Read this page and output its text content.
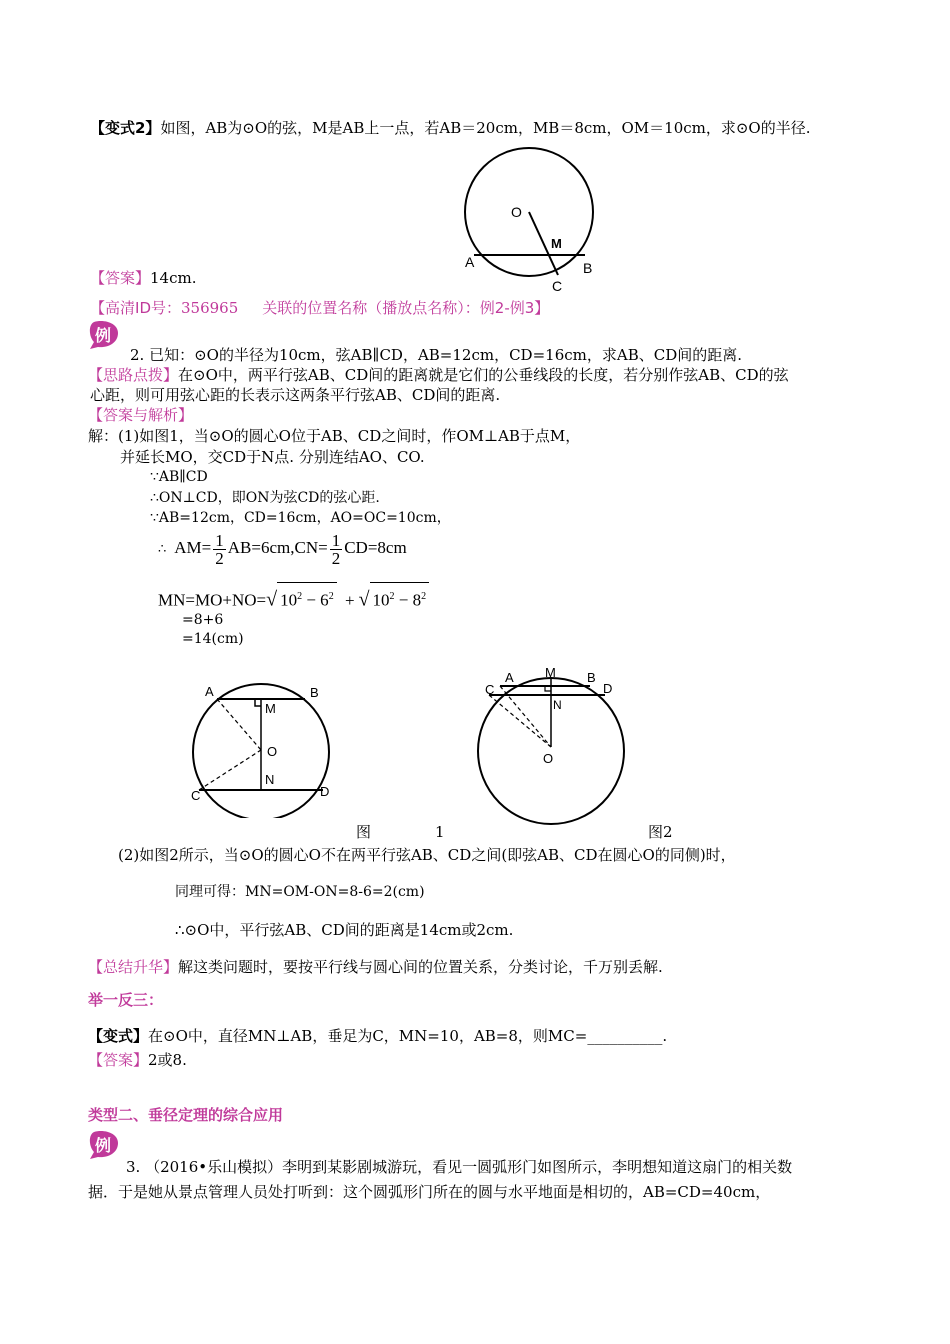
【变式2】如图，AB为⊙O的弦，M是AB上一点，若AB＝20cm，MB＝8cm，OM＝10cm，求⊙O的半径.
O
M
A	B
C
【答案】14cm.
【高清ID号：356965 关联的位置名称（播放点名称）：例2-例3】
例
2. 已知：⊙O的半径为10cm，弦AB∥CD，AB=12cm，CD=16cm，求AB、CD间的距离.
【思路点拨】在⊙O中，两平行弦AB、CD间的距离就是它们的公垂线段的长度，若分别作弦AB、CD的弦
心距，则可用弦心距的长表示这两条平行弦AB、CD间的距离.
【答案与解析】
解：(1)如图1，当⊙O的圆心O位于AB、CD之间时，作OM⊥AB于点M，
并延长MO，交CD于N点. 分别连结AO、CO.
∵AB∥CD
∴ON⊥CD，即ON为弦CD的弦心距.
∵AB=12cm，CD=16cm，AO=OC=10cm，
∴ $AM= \frac{1}{2} AB=6cm,CN= \frac{1}{2} CD=8cm$
MN=MO+NO=√ $10^2 - 6^2$ + √ $10^2 - 8^2$
=8+6
=14(cm)
A	B
M
O
N
C	D
A M B
C	D
N
O
图	1	图2
(2)如图2所示，当⊙O的圆心O不在两平行弦AB、CD之间(即弦AB、CD在圆心O的同侧)时，
同理可得：MN=OM-ON=8-6=2(cm)
∴⊙O中，平行弦AB、CD间的距离是14cm或2cm.
【总结升华】解这类问题时，要按平行线与圆心间的位置关系，分类讨论，千万别丢解.
举一反三：
【变式】在⊙O中，直径MN⊥AB，垂足为C，MN=10，AB=8，则MC=__________.
【答案】2或8.
类型二、垂径定理的综合应用
例
3. （2016•乐山模拟）李明到某影剧城游玩，看见一圆弧形门如图所示，李明想知道这扇门的相关数
据．于是她从景点管理人员处打听到：这个圆弧形门所在的圆与水平地面是相切的，AB=CD=40cm，
